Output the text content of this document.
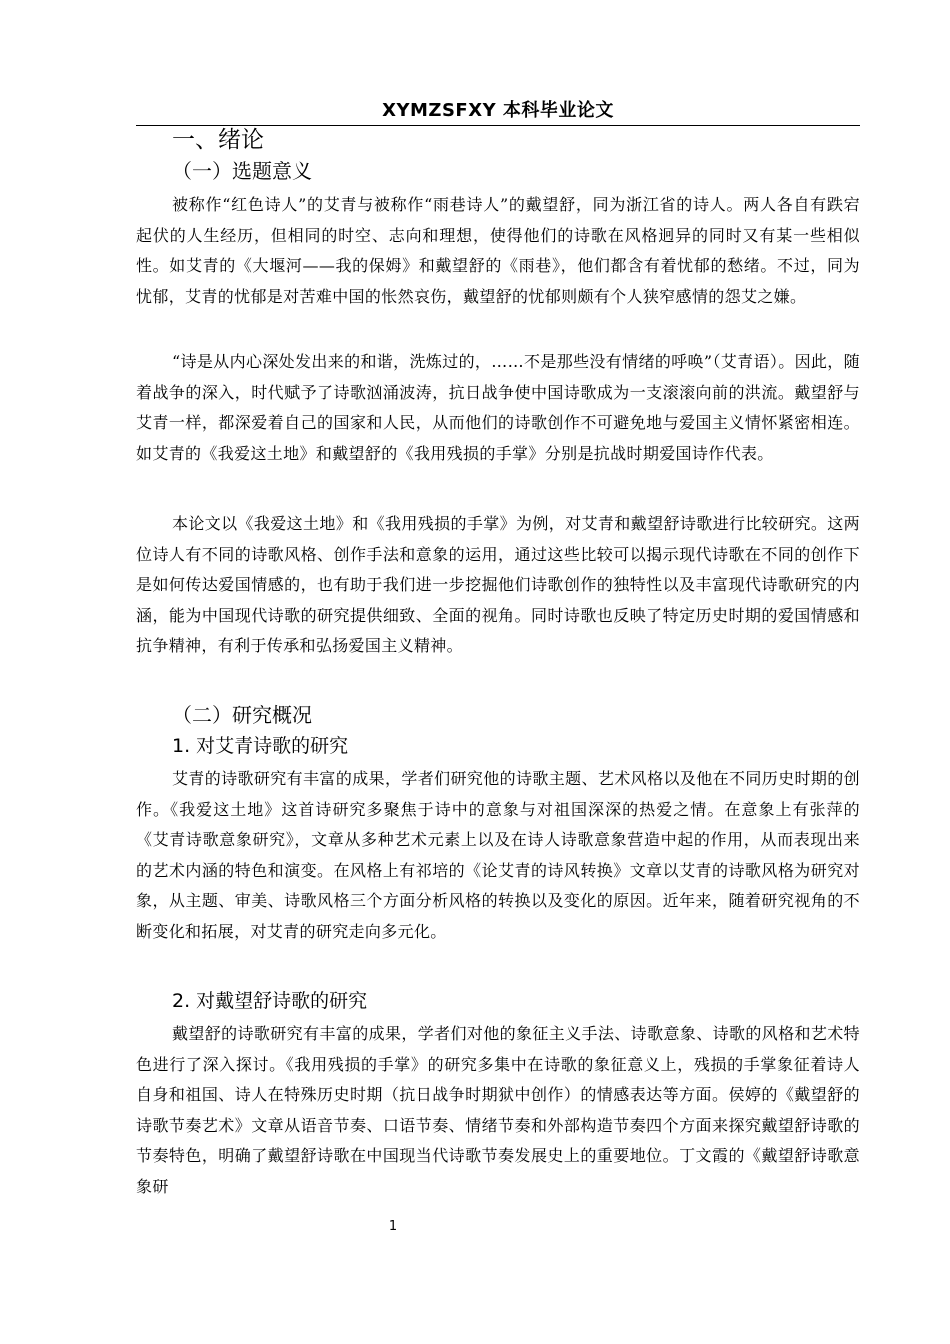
XYMZSFXY 本科毕业论文
一、绪论
（一）选题意义

被称作“红色诗人”的艾青与被称作“雨巷诗人”的戴望舒，同为浙江省的诗人。两人各自有跌宕起伏的人生经历，但相同的时空、志向和理想，使得他们的诗歌在风格迥异的同时又有某一些相似性。如艾青的《大堰河——我的保姆》和戴望舒的《雨巷》，他们都含有着忧郁的愁绪。不过，同为忧郁，艾青的忧郁是对苦难中国的怅然哀伤，戴望舒的忧郁则颇有个人狭窄感情的怨艾之嫌。

“诗是从内心深处发出来的和谐，洗炼过的，……不是那些没有情绪的呼唤”（艾青语）。因此，随着战争的深入，时代赋予了诗歌汹涌波涛，抗日战争使中国诗歌成为一支滚滚向前的洪流。戴望舒与艾青一样，都深爱着自己的国家和人民，从而他们的诗歌创作不可避免地与爱国主义情怀紧密相连。如艾青的《我爱这土地》和戴望舒的《我用残损的手掌》分别是抗战时期爱国诗作代表。

本论文以《我爱这土地》和《我用残损的手掌》为例，对艾青和戴望舒诗歌进行比较研究。这两位诗人有不同的诗歌风格、创作手法和意象的运用，通过这些比较可以揭示现代诗歌在不同的创作下是如何传达爱国情感的，也有助于我们进一步挖掘他们诗歌创作的独特性以及丰富现代诗歌研究的内涵，能为中国现代诗歌的研究提供细致、全面的视角。同时诗歌也反映了特定历史时期的爱国情感和抗争精神，有利于传承和弘扬爱国主义精神。

（二）研究概况
1. 对艾青诗歌的研究

艾青的诗歌研究有丰富的成果，学者们研究他的诗歌主题、艺术风格以及他在不同历史时期的创作。《我爱这土地》这首诗研究多聚焦于诗中的意象与对祖国深深的热爱之情。在意象上有张萍的《艾青诗歌意象研究》，文章从多种艺术元素上以及在诗人诗歌意象营造中起的作用，从而表现出来的艺术内涵的特色和演变。在风格上有祁培的《论艾青的诗风转换》文章以艾青的诗歌风格为研究对象，从主题、审美、诗歌风格三个方面分析风格的转换以及变化的原因。近年来，随着研究视角的不断变化和拓展，对艾青的研究走向多元化。

2. 对戴望舒诗歌的研究

戴望舒的诗歌研究有丰富的成果，学者们对他的象征主义手法、诗歌意象、诗歌的风格和艺术特色进行了深入探讨。《我用残损的手掌》的研究多集中在诗歌的象征意义上，残损的手掌象征着诗人自身和祖国、诗人在特殊历史时期（抗日战争时期狱中创作）的情感表达等方面。侯婷的《戴望舒的诗歌节奏艺术》文章从语音节奏、口语节奏、情绪节奏和外部构造节奏四个方面来探究戴望舒诗歌的节奏特色，明确了戴望舒诗歌在中国现当代诗歌节奏发展史上的重要地位。丁文霞的《戴望舒诗歌意象研

1
